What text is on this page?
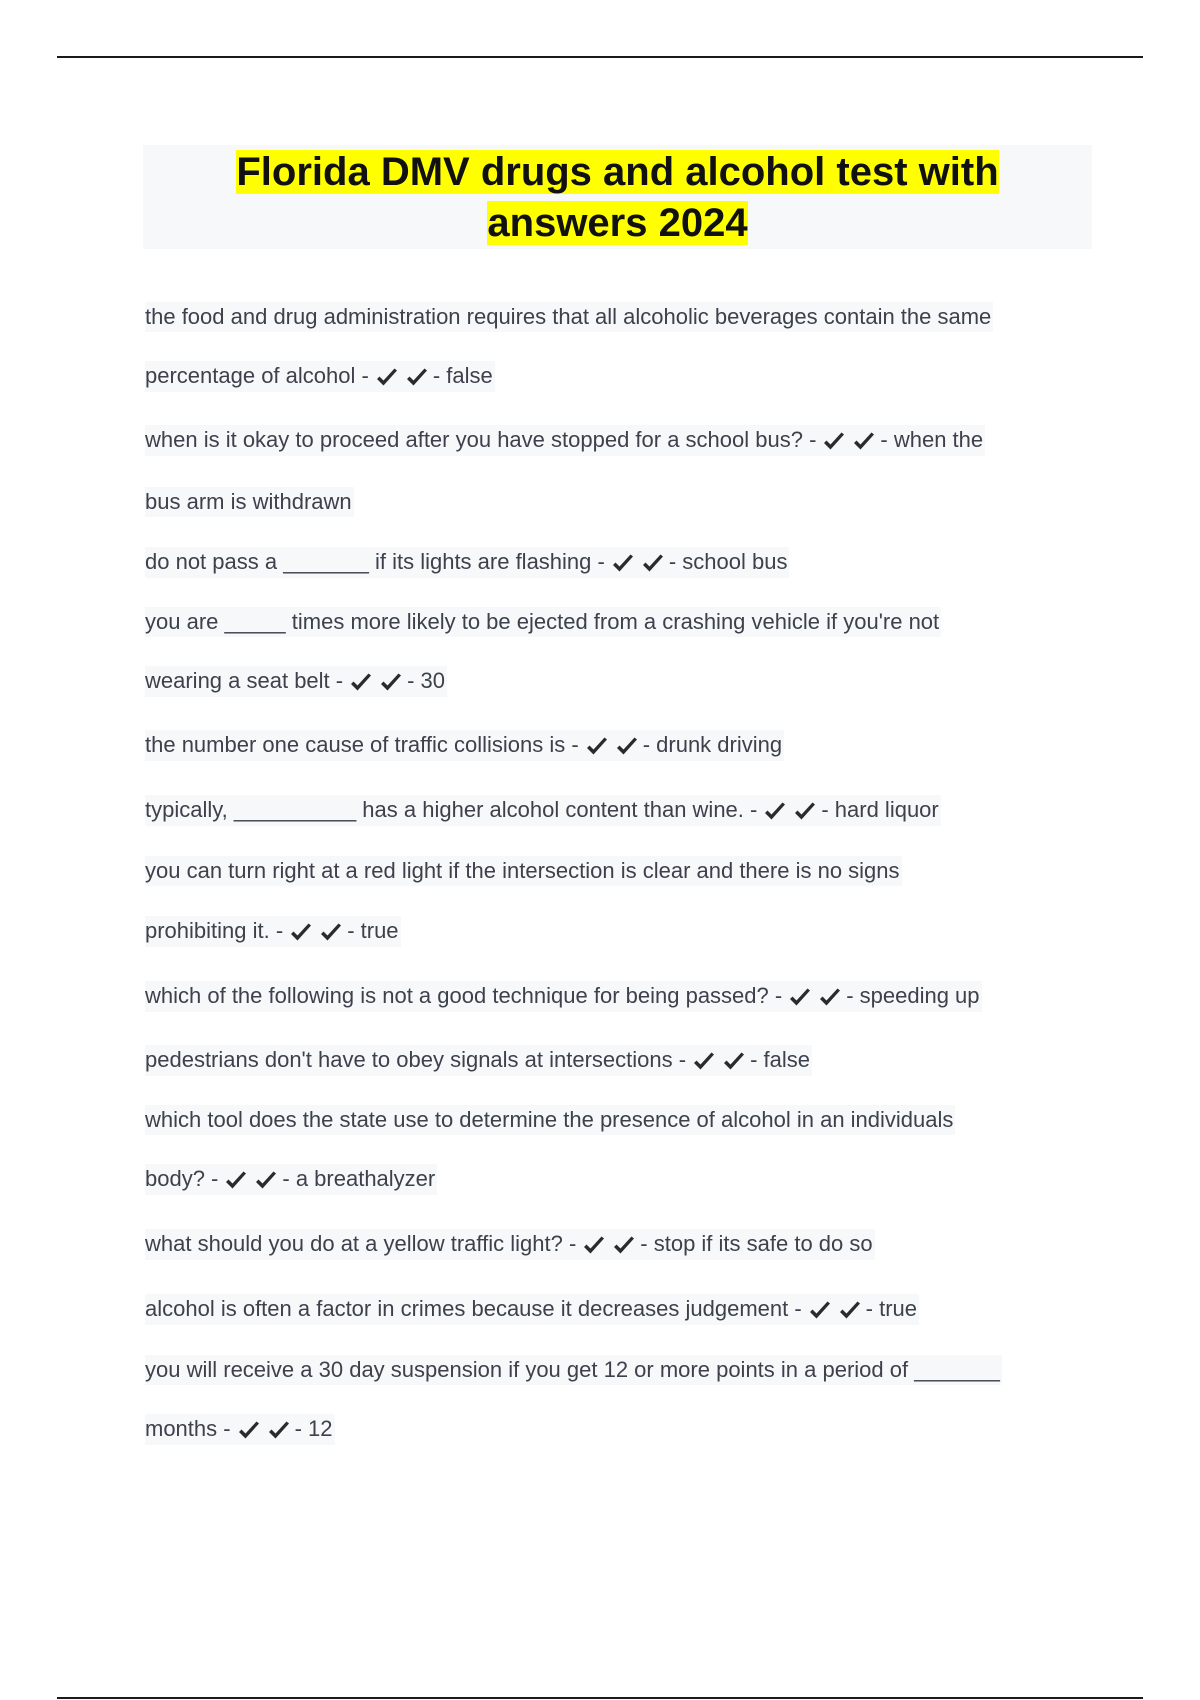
Florida DMV drugs and alcohol test with
answers 2024
the food and drug administration requires that all alcoholic beverages contain the same
percentage of alcohol -	- false
when is it okay to proceed after you have stopped for a school bus? -	- when the
bus arm is withdrawn
do not pass a _______ if its lights are flashing -	- school bus
you are _____ times more likely to be ejected from a crashing vehicle if you're not
wearing a seat belt -	- 30
the number one cause of traffic collisions is -	- drunk driving
typically, __________ has a higher alcohol content than wine. -	- hard liquor
you can turn right at a red light if the intersection is clear and there is no signs
prohibiting it. -	- true
which of the following is not a good technique for being passed? -	- speeding up
pedestrians don't have to obey signals at intersections -	- false
which tool does the state use to determine the presence of alcohol in an individuals
body? -	- a breathalyzer
what should you do at a yellow traffic light? -	- stop if its safe to do so
alcohol is often a factor in crimes because it decreases judgement -	- true
you will receive a 30 day suspension if you get 12 or more points in a period of _______
months -	- 12
